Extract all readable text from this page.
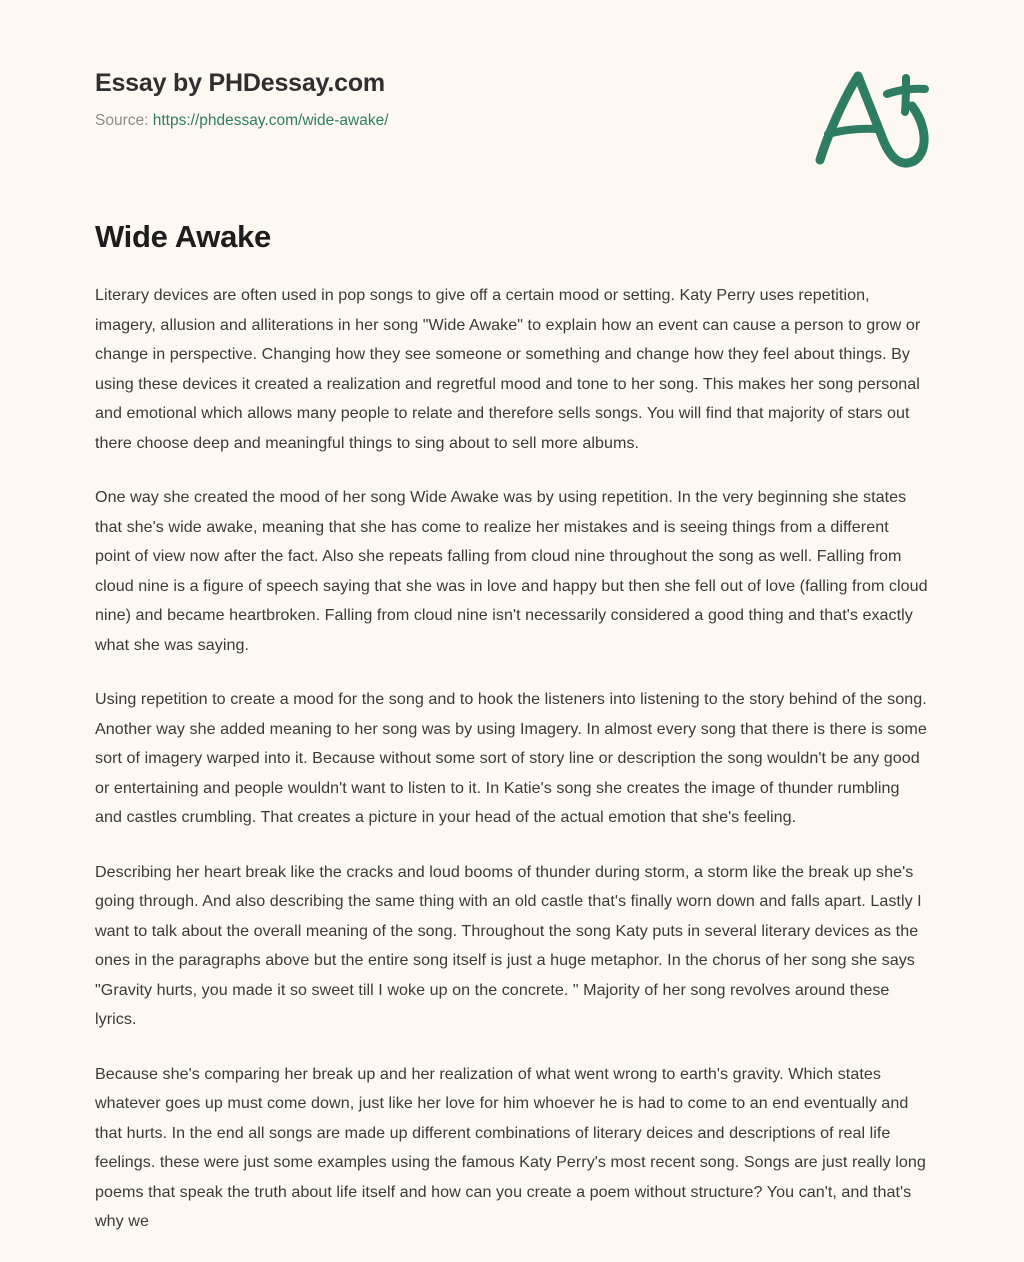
Essay by PHDessay.com
Source: https://phdessay.com/wide-awake/
Wide Awake

Literary devices are often used in pop songs to give off a certain mood or setting. Katy Perry uses repetition, imagery, allusion and alliterations in her song "Wide Awake" to explain how an event can cause a person to grow or change in perspective. Changing how they see someone or something and change how they feel about things. By using these devices it created a realization and regretful mood and tone to her song. This makes her song personal and emotional which allows many people to relate and therefore sells songs. You will find that majority of stars out there choose deep and meaningful things to sing about to sell more albums.

One way she created the mood of her song Wide Awake was by using repetition. In the very beginning she states that she's wide awake, meaning that she has come to realize her mistakes and is seeing things from a different point of view now after the fact. Also she repeats falling from cloud nine throughout the song as well. Falling from cloud nine is a figure of speech saying that she was in love and happy but then she fell out of love (falling from cloud nine) and became heartbroken. Falling from cloud nine isn't necessarily considered a good thing and that's exactly what she was saying.

Using repetition to create a mood for the song and to hook the listeners into listening to the story behind of the song. Another way she added meaning to her song was by using Imagery. In almost every song that there is there is some sort of imagery warped into it. Because without some sort of story line or description the song wouldn't be any good or entertaining and people wouldn't want to listen to it. In Katie's song she creates the image of thunder rumbling and castles crumbling. That creates a picture in your head of the actual emotion that she's feeling.

Describing her heart break like the cracks and loud booms of thunder during storm, a storm like the break up she's going through. And also describing the same thing with an old castle that's finally worn down and falls apart. Lastly I want to talk about the overall meaning of the song. Throughout the song Katy puts in several literary devices as the ones in the paragraphs above but the entire song itself is just a huge metaphor. In the chorus of her song she says "Gravity hurts, you made it so sweet till I woke up on the concrete. " Majority of her song revolves around these lyrics.

Because she's comparing her break up and her realization of what went wrong to earth's gravity. Which states whatever goes up must come down, just like her love for him whoever he is had to come to an end eventually and that hurts. In the end all songs are made up different combinations of literary deices and descriptions of real life feelings. these were just some examples using the famous Katy Perry's most recent song. Songs are just really long poems that speak the truth about life itself and how can you create a poem without structure? You can't, and that's why we
